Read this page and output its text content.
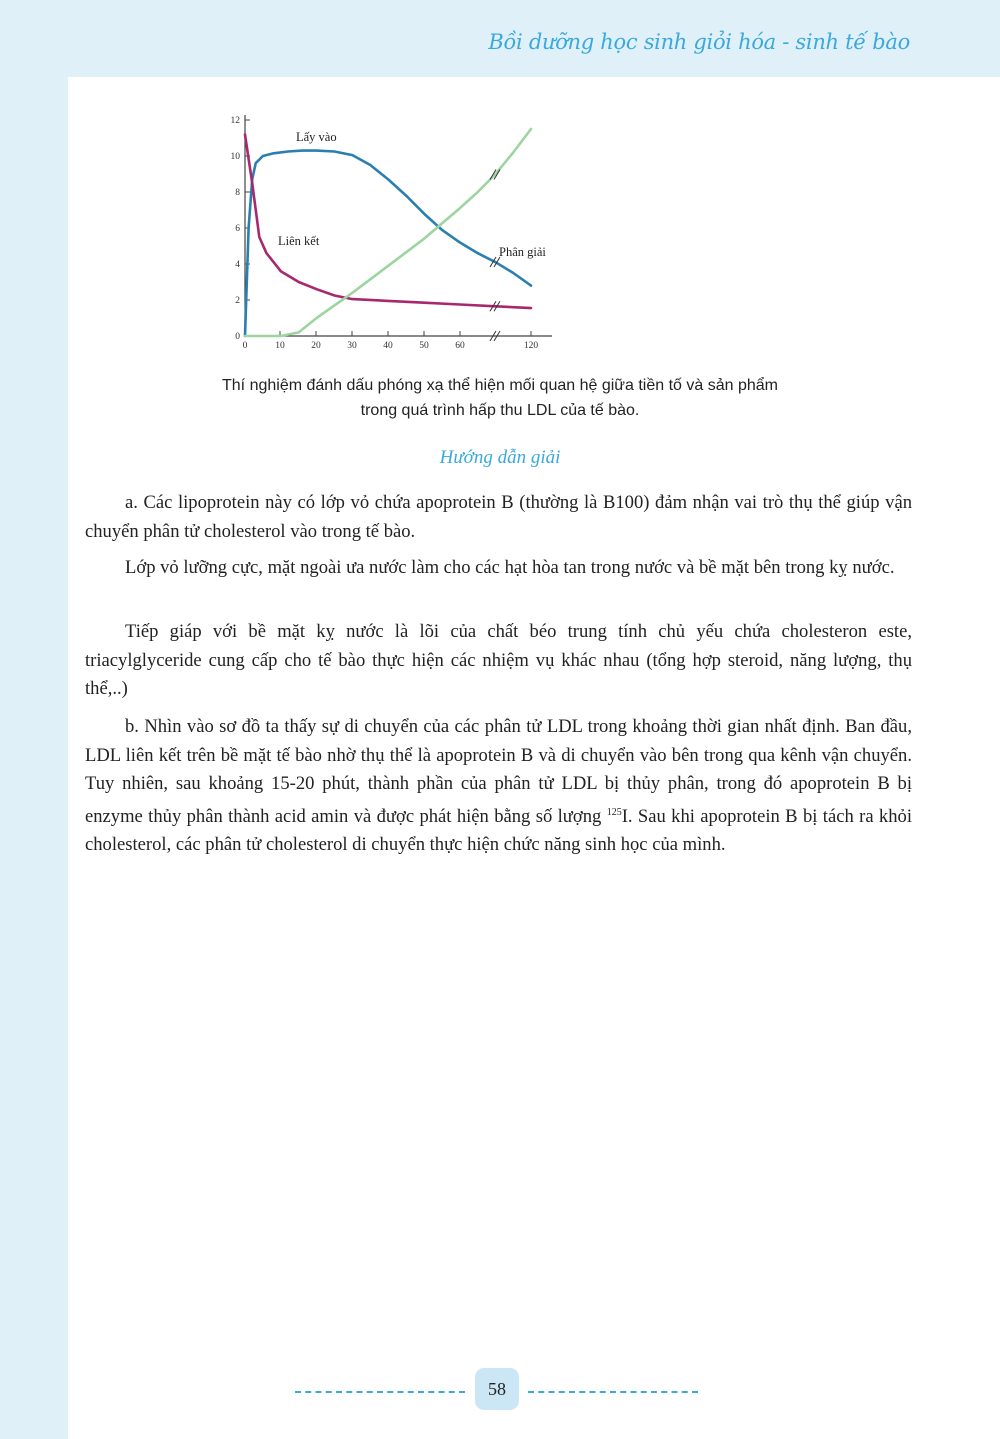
Bồi dưỡng học sinh giỏi hóa - sinh tế bào
0
2
4
6
8
10
12
0	10	20	30	40	50	60	120
Lấy vào
Liên kết
Phân giải
Thí nghiệm đánh dấu phóng xạ thể hiện mối quan hệ giữa tiền tố và sản phẩm
trong quá trình hấp thu LDL của tế bào.
Hướng dẫn giải

a. Các lipoprotein này có lớp vỏ chứa apoprotein B (thường là B100) đảm nhận vai trò thụ thể giúp vận chuyển phân tử cholesterol vào trong tế bào.

Lớp vỏ lưỡng cực, mặt ngoài ưa nước làm cho các hạt hòa tan trong nước và bề mặt bên trong kỵ nước.

Tiếp giáp với bề mặt kỵ nước là lõi của chất béo trung tính chủ yếu chứa cholesteron este, triacylglyceride cung cấp cho tế bào thực hiện các nhiệm vụ khác nhau (tổng hợp steroid, năng lượng, thụ thể,..)

b. Nhìn vào sơ đồ ta thấy sự di chuyển của các phân tử LDL trong khoảng thời gian nhất định. Ban đầu, LDL liên kết trên bề mặt tế bào nhờ thụ thể là apoprotein B và di chuyển vào bên trong qua kênh vận chuyển. Tuy nhiên, sau khoảng 15-20 phút, thành phần của phân tử LDL bị thủy phân, trong đó apoprotein B bị enzyme thủy phân thành acid amin và được phát hiện bằng số lượng $^{125}$I. Sau khi apoprotein B bị tách ra khỏi cholesterol, các phân tử cholesterol di chuyển thực hiện chức năng sinh học của mình.

58
